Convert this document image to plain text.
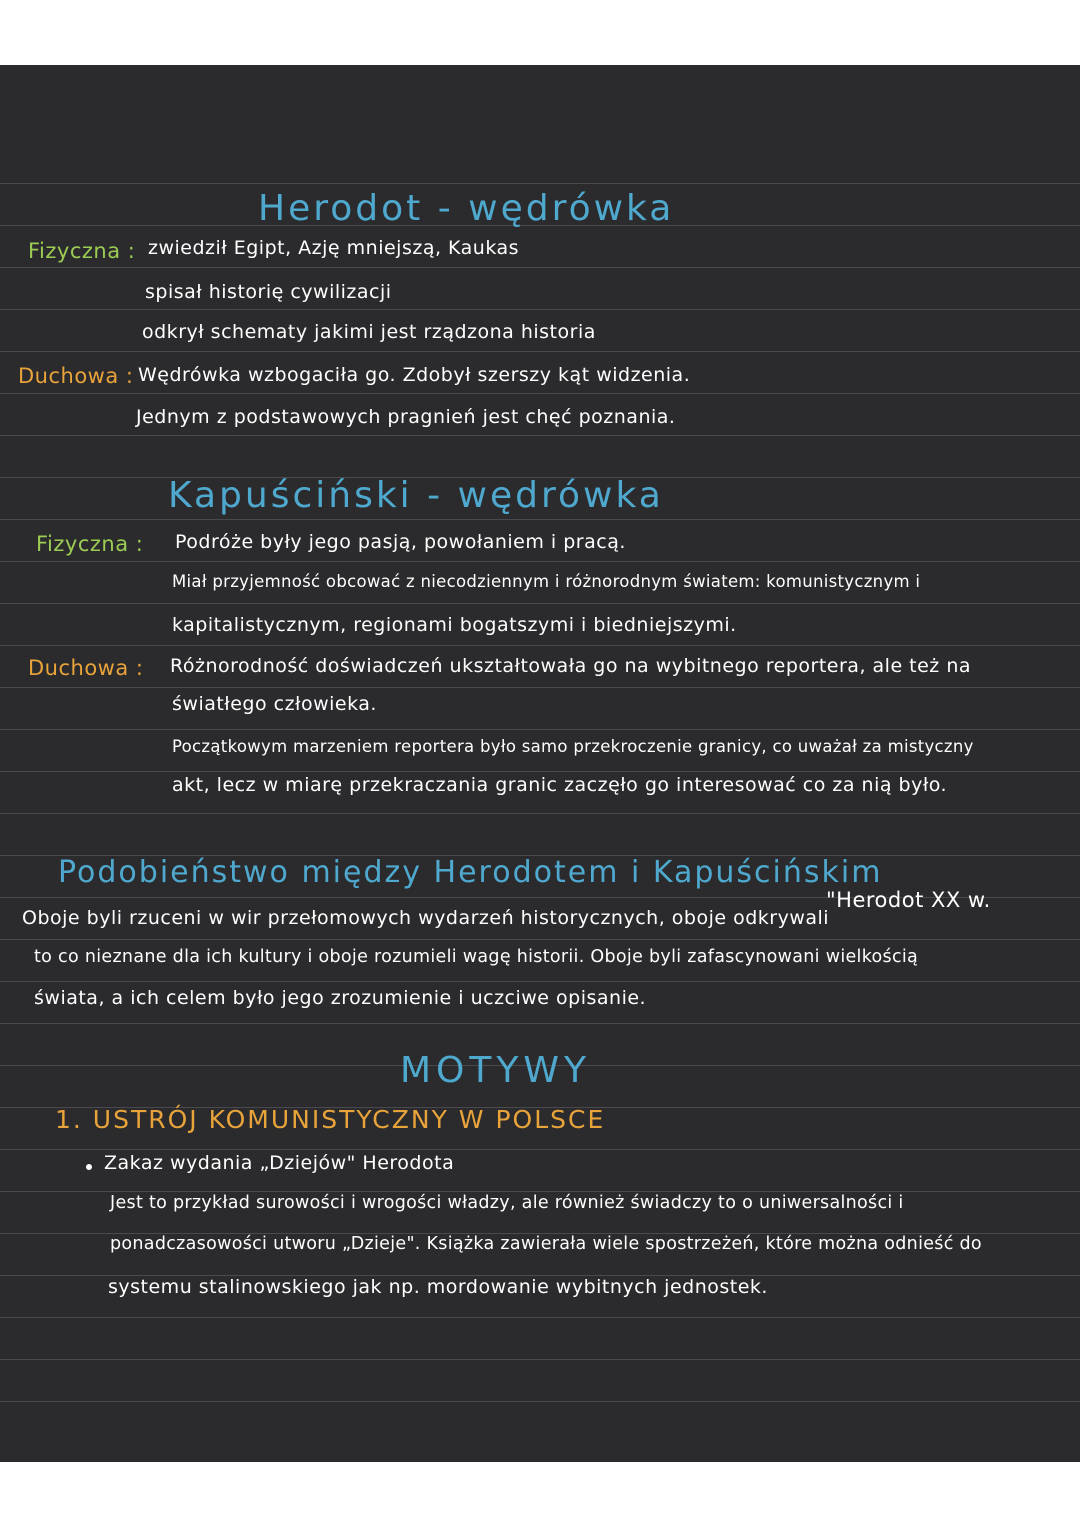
Herodot - wędrówka
Fizyczna : zwiedził Egipt, Azję mniejszą, Kaukas
spisał historię cywilizacji
odkrył schematy jakimi jest rządzona historia
Duchowa : Wędrówka wzbogaciła go. Zdobył szerszy kąt widzenia.
Jednym z podstawowych pragnień jest chęć poznania.
Kapuściński - wędrówka
Fizyczna : Podróże były jego pasją, powołaniem i pracą.
Miał przyjemność obcować z niecodziennym i różnorodnym światem: komunistycznym i
kapitalistycznym, regionami bogatszymi i biedniejszymi.
Duchowa : Różnorodność doświadczeń ukształtowała go na wybitnego reportera, ale też na
światłego człowieka.
Początkowym marzeniem reportera było samo przekroczenie granicy, co uważał za mistyczny
akt, lecz w miarę przekraczania granic zaczęło go interesować co za nią było.
Podobieństwo między Herodotem i Kapuścińskim
"Herodot XX w.
Oboje byli rzuceni w wir przełomowych wydarzeń historycznych, oboje odkrywali
to co nieznane dla ich kultury i oboje rozumieli wagę historii. Oboje byli zafascynowani wielkością
świata, a ich celem było jego zrozumienie i uczciwe opisanie.
MOTYWY
1. USTRÓJ KOMUNISTYCZNY W POLSCE
Zakaz wydania „Dziejów" Herodota
Jest to przykład surowości i wrogości władzy, ale również świadczy to o uniwersalności i
ponadczasowości utworu „Dzieje". Książka zawierała wiele spostrzeżeń, które można odnieść do
systemu stalinowskiego jak np. mordowanie wybitnych jednostek.
